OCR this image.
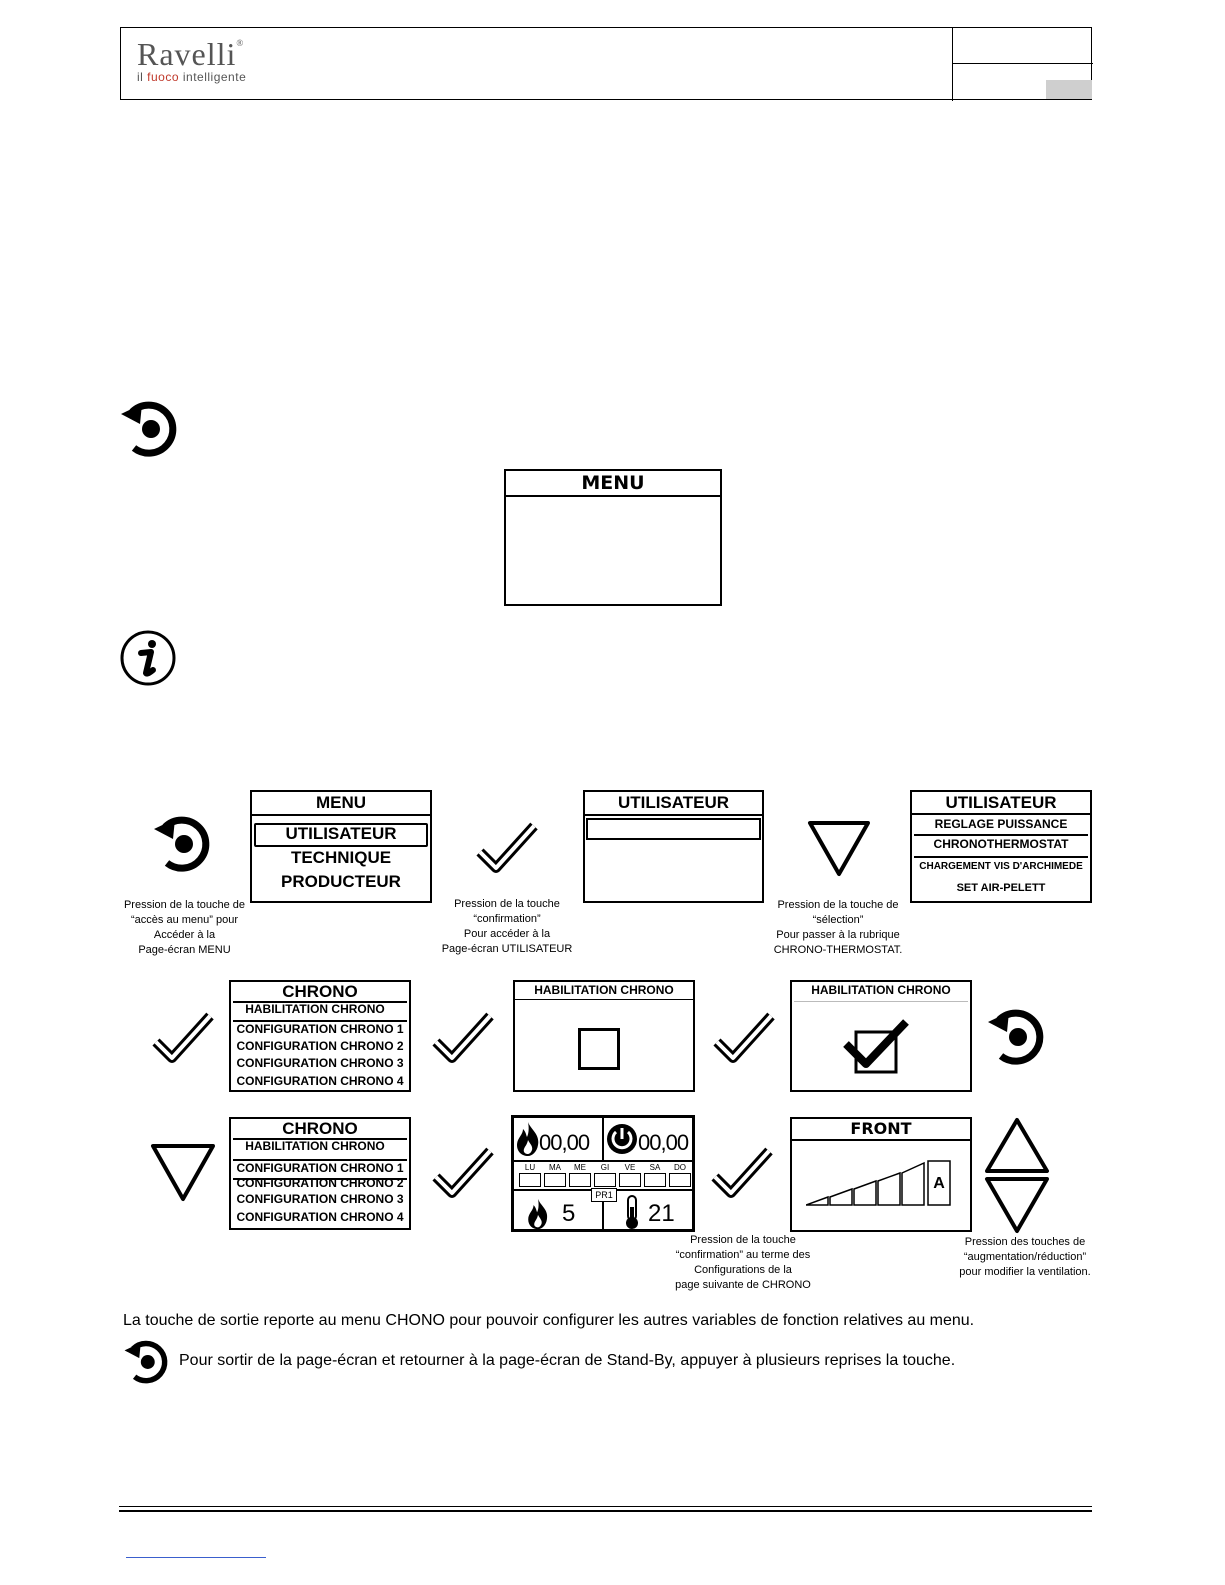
Ravelli®
il fuoco intelligente
MENU
Pression de la touche de
“accès au menu” pour
Accéder à la
Page-écran MENU
MENU
UTILISATEUR
TECHNIQUE
PRODUCTEUR
Pression de la touche
“confirmation”
Pour accéder à la
Page-écran UTILISATEUR
UTILISATEUR
Pression de la touche de
“sélection”
Pour passer à la rubrique
CHRONO-THERMOSTAT.
UTILISATEUR
REGLAGE PUISSANCE
CHRONOTHERMOSTAT
CHARGEMENT VIS D'ARCHIMEDE
SET AIR-PELETT
CHRONO
HABILITATION CHRONO
CONFIGURATION CHRONO 1
CONFIGURATION CHRONO 2
CONFIGURATION CHRONO 3
CONFIGURATION CHRONO 4
HABILITATION CHRONO	HABILITATION CHRONO
CHRONO
HABILITATION CHRONO
CONFIGURATION CHRONO 1
CONFIGURATION CHRONO 2
CONFIGURATION CHRONO 3
CONFIGURATION CHRONO 4
00,00 00,00
LU	MA	ME	GI	VE	SA	DO
PR1
5	21
Pression de la touche
“confirmation” au terme des
Configurations de la
page suivante de CHRONO
FRONT
A
Pression des touches de
“augmentation/réduction”
pour modifier la ventilation.
La touche de sortie reporte au menu CHONO pour pouvoir configurer les autres variables de fonction relatives au menu.
Pour sortir de la page-écran et retourner à la page-écran de Stand-By, appuyer à plusieurs reprises la touche.
